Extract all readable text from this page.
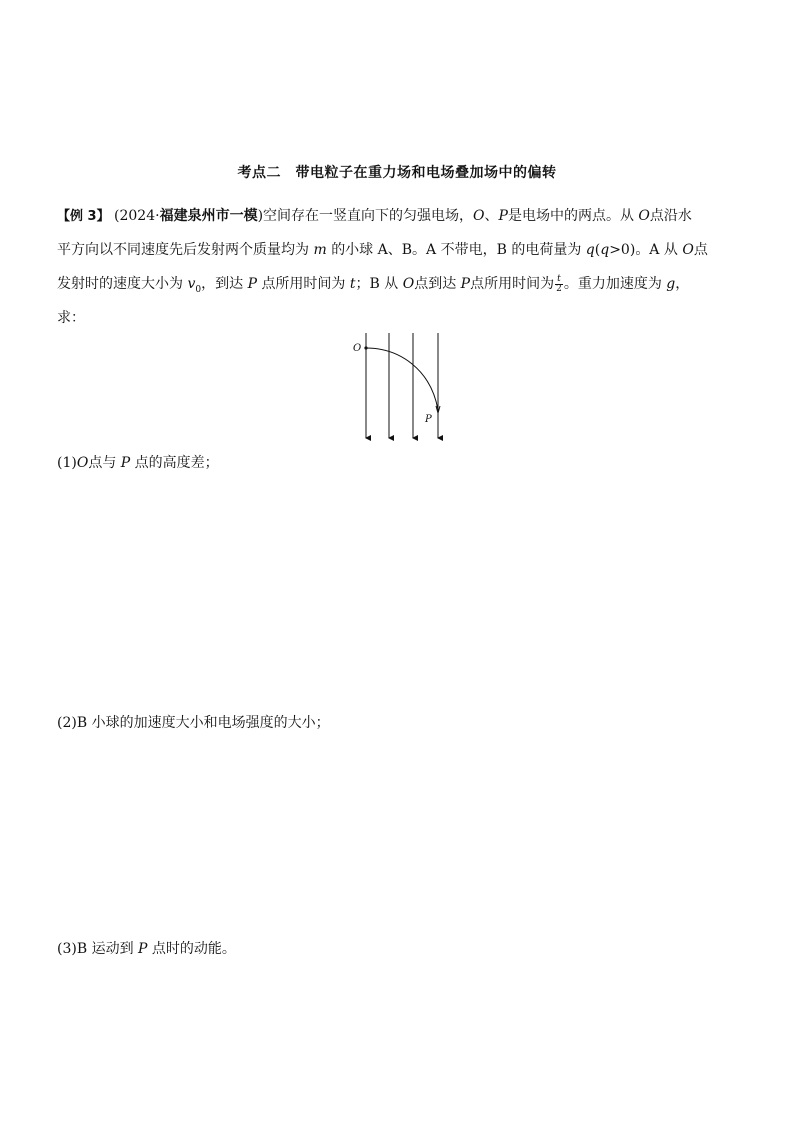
考点二　带电粒子在重力场和电场叠加场中的偏转
【例 3】 (2024·福建泉州市一模)空间存在一竖直向下的匀强电场，O、P是电场中的两点。从 O点沿水
平方向以不同速度先后发射两个质量均为 m 的小球 A、B。A 不带电，B 的电荷量为 q(q>0)。A 从 O点
发射时的速度大小为 $v_0$，到达 P 点所用时间为 t；B 从 O点到达 P点所用时间为 $\frac{t}{2}$ 。重力加速度为 g，
求：
O
P
(1)O点与 P 点的高度差；
(2)B 小球的加速度大小和电场强度的大小；
(3)B 运动到 P 点时的动能。
